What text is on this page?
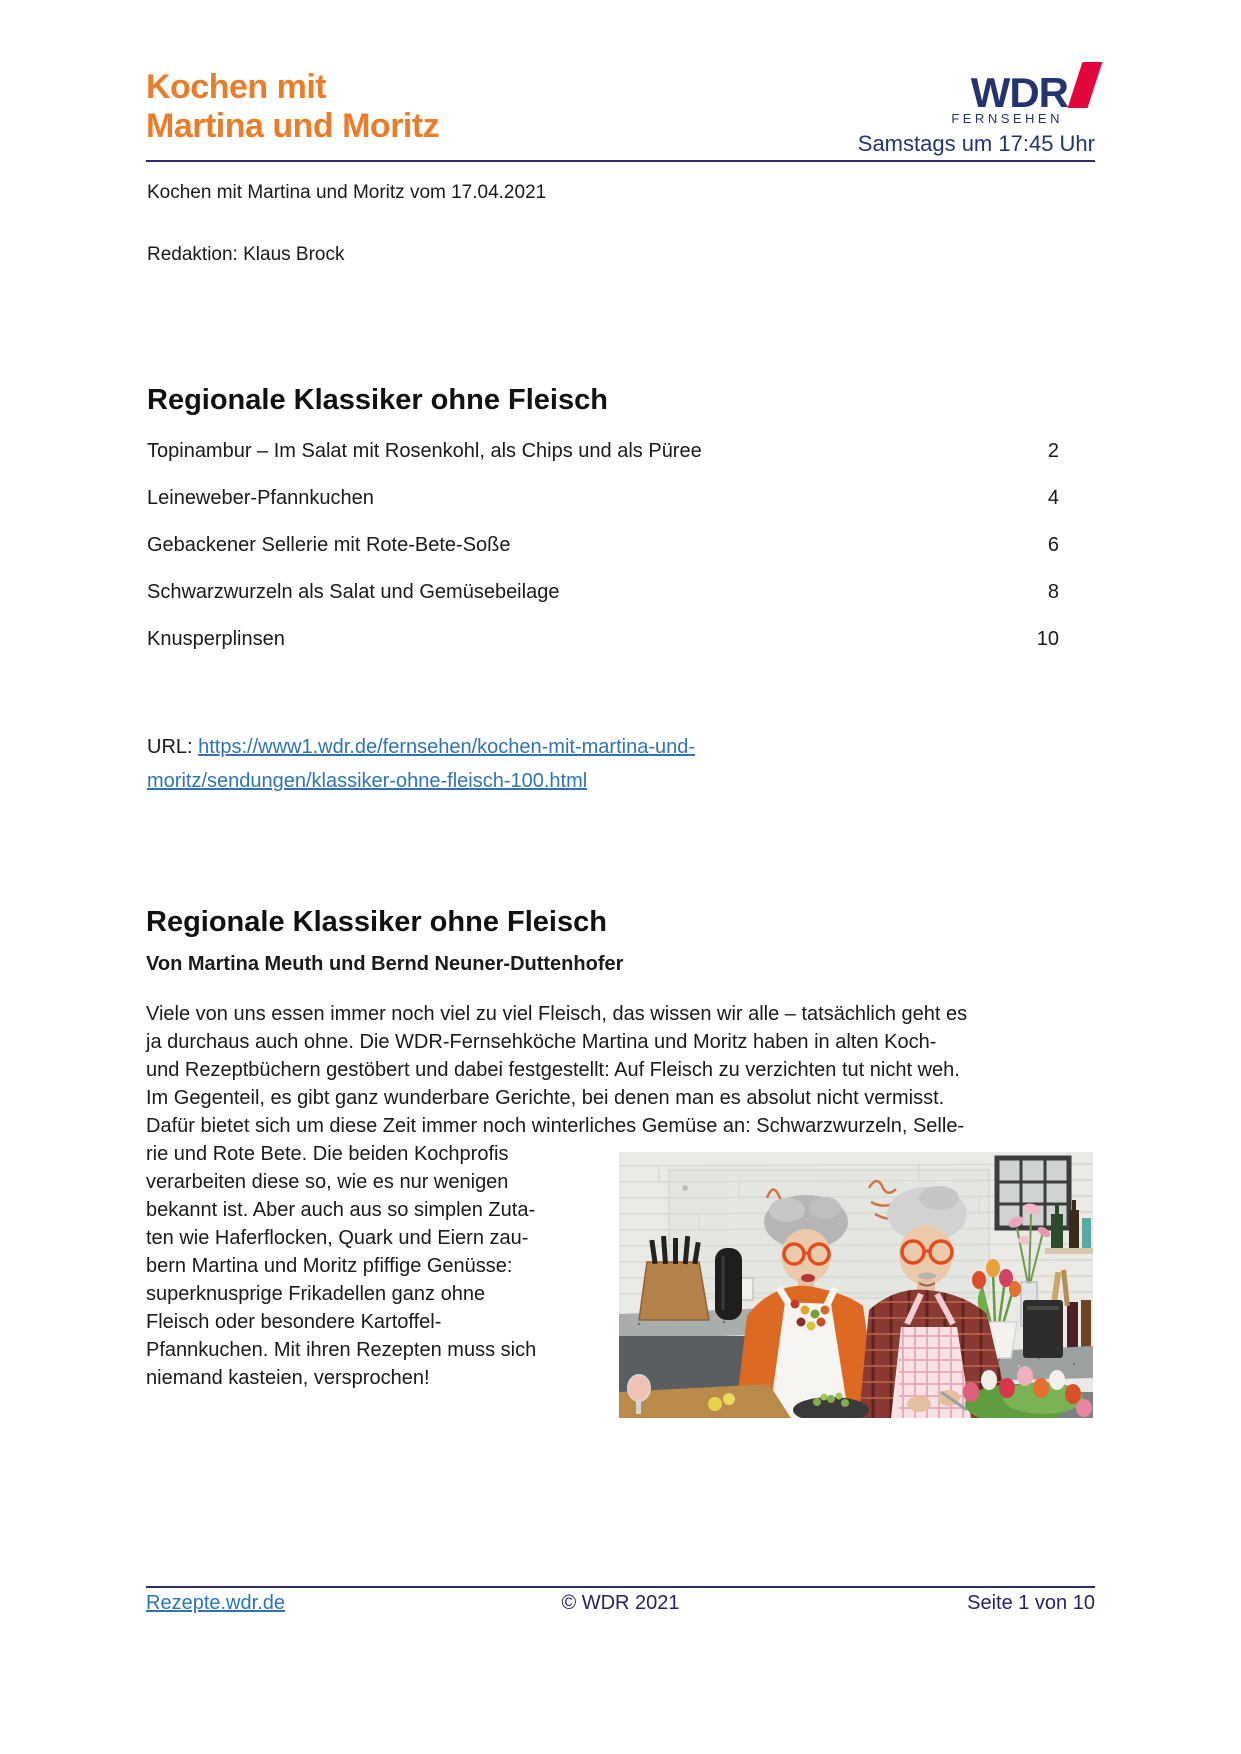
Kochen mit
Martina und Moritz
WDR
FERNSEHEN
Samstags um 17:45 Uhr
Kochen mit Martina und Moritz vom 17.04.2021
Redaktion: Klaus Brock
Regionale Klassiker ohne Fleisch
Topinambur – Im Salat mit Rosenkohl, als Chips und als Püree	2
Leineweber-Pfannkuchen	4
Gebackener Sellerie mit Rote-Bete-Soße	6
Schwarzwurzeln als Salat und Gemüsebeilage	8
Knusperplinsen	10
URL: https://www1.wdr.de/fernsehen/kochen-mit-martina-und-
moritz/sendungen/klassiker-ohne-fleisch-100.html
Regionale Klassiker ohne Fleisch
Von Martina Meuth und Bernd Neuner-Duttenhofer
Viele von uns essen immer noch viel zu viel Fleisch, das wissen wir alle – tatsächlich geht es
ja durchaus auch ohne. Die WDR-Fernsehköche Martina und Moritz haben in alten Koch-
und Rezeptbüchern gestöbert und dabei festgestellt: Auf Fleisch zu verzichten tut nicht weh.
Im Gegenteil, es gibt ganz wunderbare Gerichte, bei denen man es absolut nicht vermisst.
Dafür bietet sich um diese Zeit immer noch winterliches Gemüse an: Schwarzwurzeln, Selle-
rie und Rote Bete. Die beiden Kochprofis
verarbeiten diese so, wie es nur wenigen
bekannt ist. Aber auch aus so simplen Zuta-
ten wie Haferflocken, Quark und Eiern zau-
bern Martina und Moritz pfiffige Genüsse:
superknusprige Frikadellen ganz ohne
Fleisch oder besondere Kartoffel-
Pfannkuchen. Mit ihren Rezepten muss sich
niemand kasteien, versprochen!
Rezepte.wdr.de	© WDR 2021	Seite 1 von 10
